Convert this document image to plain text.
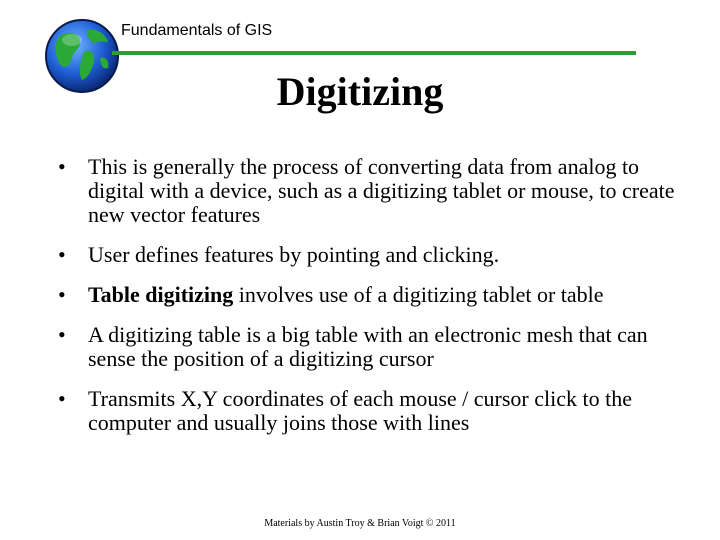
Fundamentals of GIS
Digitizing
•	This is generally the process of converting data from analog to digital with a device, such as a digitizing tablet or mouse, to create new vector features
•	User defines features by pointing and clicking.
•	Table digitizing involves use of a digitizing tablet or table
•	A digitizing table is a big table with an electronic mesh that can sense the position of a digitizing cursor
•	Transmits X,Y coordinates of each mouse / cursor click to the computer and usually joins those with lines
Materials by Austin Troy & Brian Voigt © 2011
